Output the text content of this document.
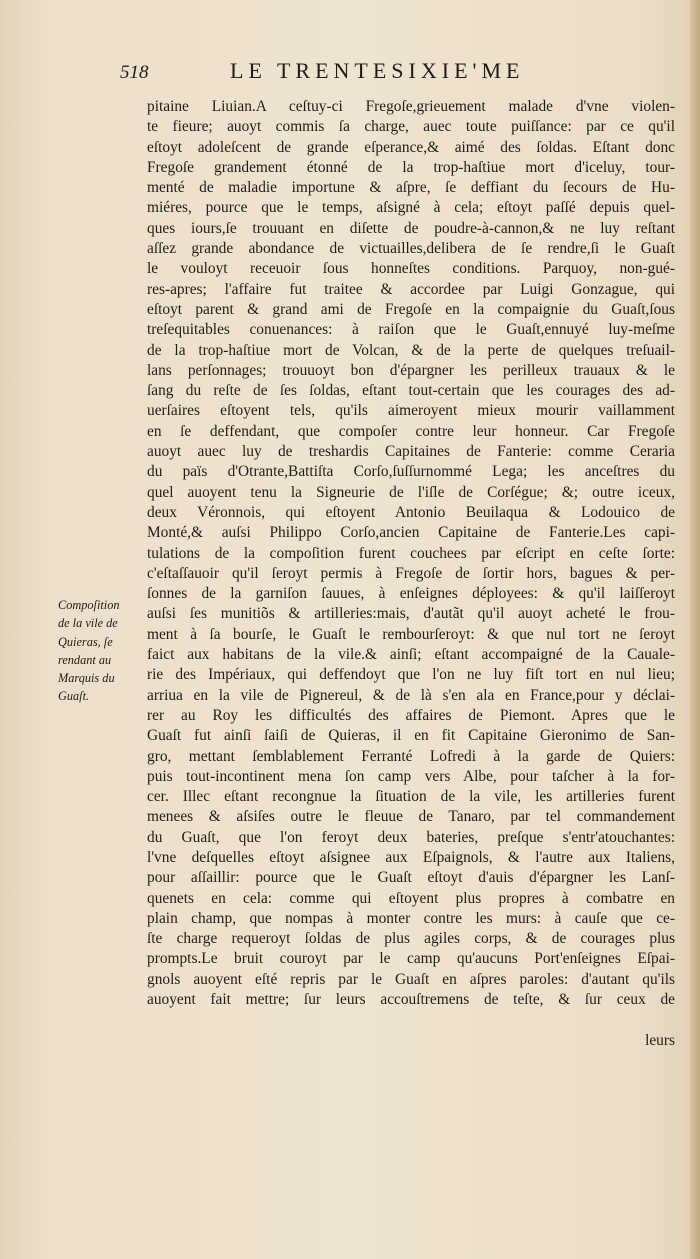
518	LE TRENTESIXIE'ME
Compoſition
de la vile de
Quieras, ſe
rendant au
Marquis du
Guaſt.
pitaine Liuian.A ceſtuy-ci Fregoſe,grieuement malade d'vne violen-
te fieure; auoyt commis ſa charge, auec toute puiſſance: par ce qu'il
eſtoyt adoleſcent de grande eſperance,& aimé des ſoldas. Eſtant donc
Fregoſe grandement étonné de la trop-haſtiue mort d'iceluy, tour-
menté de maladie importune & aſpre, ſe deffiant du ſecours de Hu-
miéres, pource que le temps, aſsigné à cela; eſtoyt paſſé depuis quel-
ques iours,ſe trouuant en diſette de poudre-à-cannon,& ne luy reſtant
aſſez grande abondance de victuailles,delibera de ſe rendre,ſi le Guaſt
le vouloyt receuoir ſous honneſtes conditions. Parquoy, non-gué-
res-apres; l'affaire fut traitee & accordee par Luigi Gonzague, qui
eſtoyt parent & grand ami de Fregoſe en la compaignie du Guaſt,ſous
treſequitables conuenances: à raiſon que le Guaſt,ennuyé luy-meſme
de la trop-haſtiue mort de Volcan, & de la perte de quelques treſuail-
lans perſonnages; trouuoyt bon d'épargner les perilleux trauaux & le
ſang du reſte de ſes ſoldas, eſtant tout-certain que les courages des ad-
uerſaires eſtoyent tels, qu'ils aimeroyent mieux mourir vaillamment
en ſe deffendant, que compoſer contre leur honneur. Car Fregoſe
auoyt auec luy de treshardis Capitaines de Fanterie: comme Ceraria
du païs d'Otrante,Battiſta Corſo,ſuſſurnommé Lega; les anceſtres du
quel auoyent tenu la Signeurie de l'iſle de Corſégue; &; outre iceux,
deux Véronnois, qui eſtoyent Antonio Beuilaqua & Lodouico de
Monté,& auſsi Philippo Corſo,ancien Capitaine de Fanterie.Les capi-
tulations de la compoſition furent couchees par eſcript en ceſte ſorte:
c'eſtaſſauoir qu'il ſeroyt permis à Fregoſe de ſortir hors, bagues & per-
ſonnes de la garniſon ſauues, à enſeignes déployees: & qu'il laiſſeroyt
auſsi ſes munitiõs & artilleries:mais, d'autãt qu'il auoyt acheté le frou-
ment à ſa bourſe, le Guaſt le rembourſeroyt: & que nul tort ne ſeroyt
faict aux habitans de la vile.& ainſi; eſtant accompaigné de la Cauale-
rie des Impériaux, qui deffendoyt que l'on ne luy fiſt tort en nul lieu;
arriua en la vile de Pignereul, & de là s'en ala en France,pour y déclai-
rer au Roy les difficultés des affaires de Piemont. Apres que le
Guaſt fut ainſi ſaiſi de Quieras, il en fit Capitaine Gieronimo de San-
gro, mettant ſemblablement Ferranté Lofredi à la garde de Quiers:
puis tout-incontinent mena ſon camp vers Albe, pour taſcher à la for-
cer. Illec eſtant recongnue la ſituation de la vile, les artilleries furent
menees & aſsiſes outre le fleuue de Tanaro, par tel commandement
du Guaſt, que l'on feroyt deux bateries, preſque s'entr'atouchantes:
l'vne deſquelles eſtoyt aſsignee aux Eſpaignols, & l'autre aux Italiens,
pour aſſaillir: pource que le Guaſt eſtoyt d'auis d'épargner les Lanſ-
quenets en cela: comme qui eſtoyent plus propres à combatre en
plain champ, que nompas à monter contre les murs: à cauſe que ce-
ſte charge requeroyt ſoldas de plus agiles corps, & de courages plus
prompts.Le bruit couroyt par le camp qu'aucuns Port'enſeignes Eſpai-
gnols auoyent eſté repris par le Guaſt en aſpres paroles: d'autant qu'ils
auoyent fait mettre; ſur leurs accouſtremens de teſte, & ſur ceux de
leurs
